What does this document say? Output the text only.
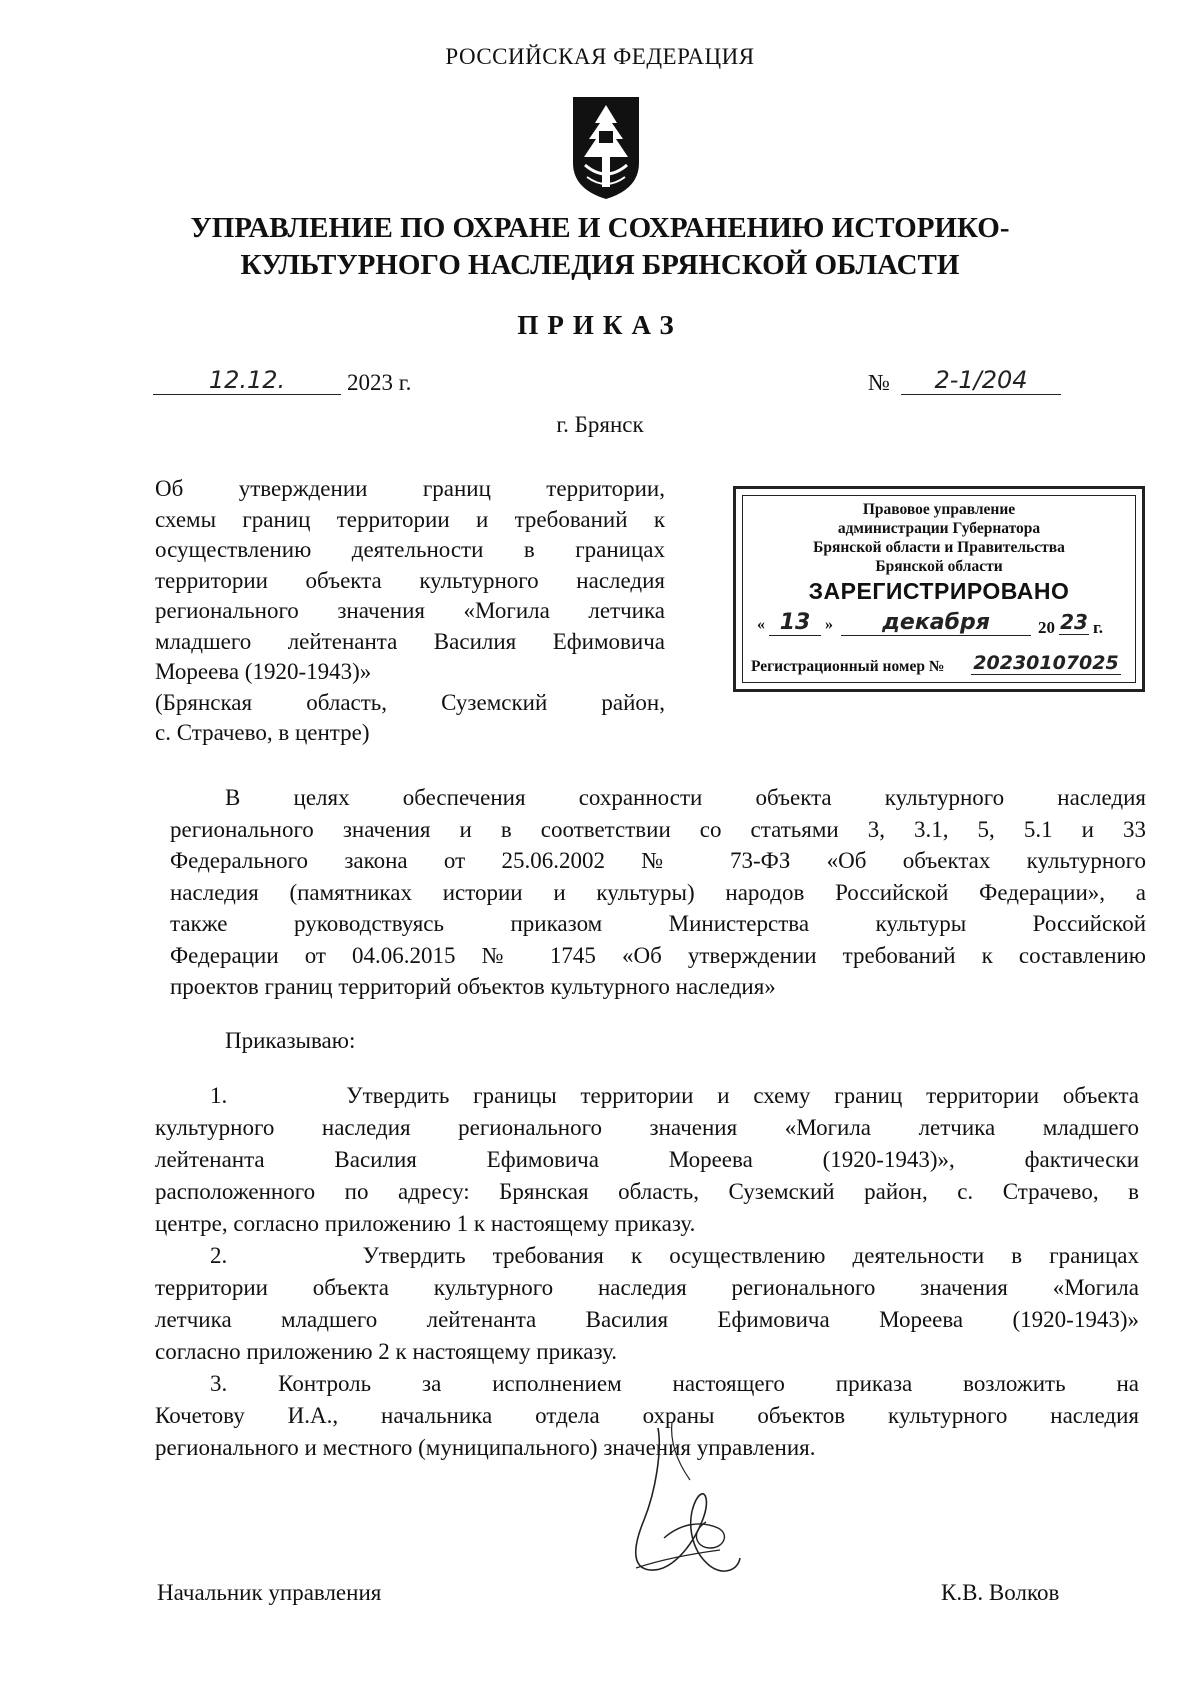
РОССИЙСКАЯ ФЕДЕРАЦИЯ
УПРАВЛЕНИЕ ПО ОХРАНЕ И СОХРАНЕНИЮ ИСТОРИКО-
КУЛЬТУРНОГО НАСЛЕДИЯ БРЯНСКОЙ ОБЛАСТИ
ПРИКАЗ
12.12.	2023 г.	№	2-1/204
г. Брянск
Об утверждении границ территории,
схемы границ территории и требований к
осуществлению деятельности в границах
территории объекта культурного наследия
регионального значения «Могила летчика
младшего лейтенанта Василия Ефимовича
Мореева (1920-1943)»
(Брянская область, Суземский район,
с. Страчево, в центре)
Правовое управление
администрации Губернатора
Брянской области и Правительства
Брянской области
ЗАРЕГИСТРИРОВАНО
« 13 »	декабря	20 23 г.
Регистрационный номер № 20230107025
В целях обеспечения сохранности объекта культурного наследия
регионального значения и в соответствии со статьями 3, 3.1, 5, 5.1 и 33
Федерального закона от 25.06.2002 № 73-ФЗ «Об объектах культурного
наследия (памятниках истории и культуры) народов Российской Федерации», а
также руководствуясь приказом Министерства культуры Российской
Федерации от 04.06.2015 № 1745 «Об утверждении требований к составлению
проектов границ территорий объектов культурного наследия»
Приказываю:
1.     Утвердить границы территории и схему границ территории объекта
культурного наследия регионального значения «Могила летчика младшего
лейтенанта Василия Ефимовича Мореева (1920-1943)», фактически
расположенного по адресу: Брянская область, Суземский район, с. Страчево, в
центре, согласно приложению 1 к настоящему приказу.
2.     Утвердить требования к осуществлению деятельности в границах
территории объекта культурного наследия регионального значения «Могила
летчика младшего лейтенанта Василия Ефимовича Мореева (1920-1943)»
согласно приложению 2 к настоящему приказу.
3. Контроль за исполнением настоящего приказа возложить на
Кочетову И.А., начальника отдела охраны объектов культурного наследия
регионального и местного (муниципального) значения управления.
Начальник управления	К.В. Волков
